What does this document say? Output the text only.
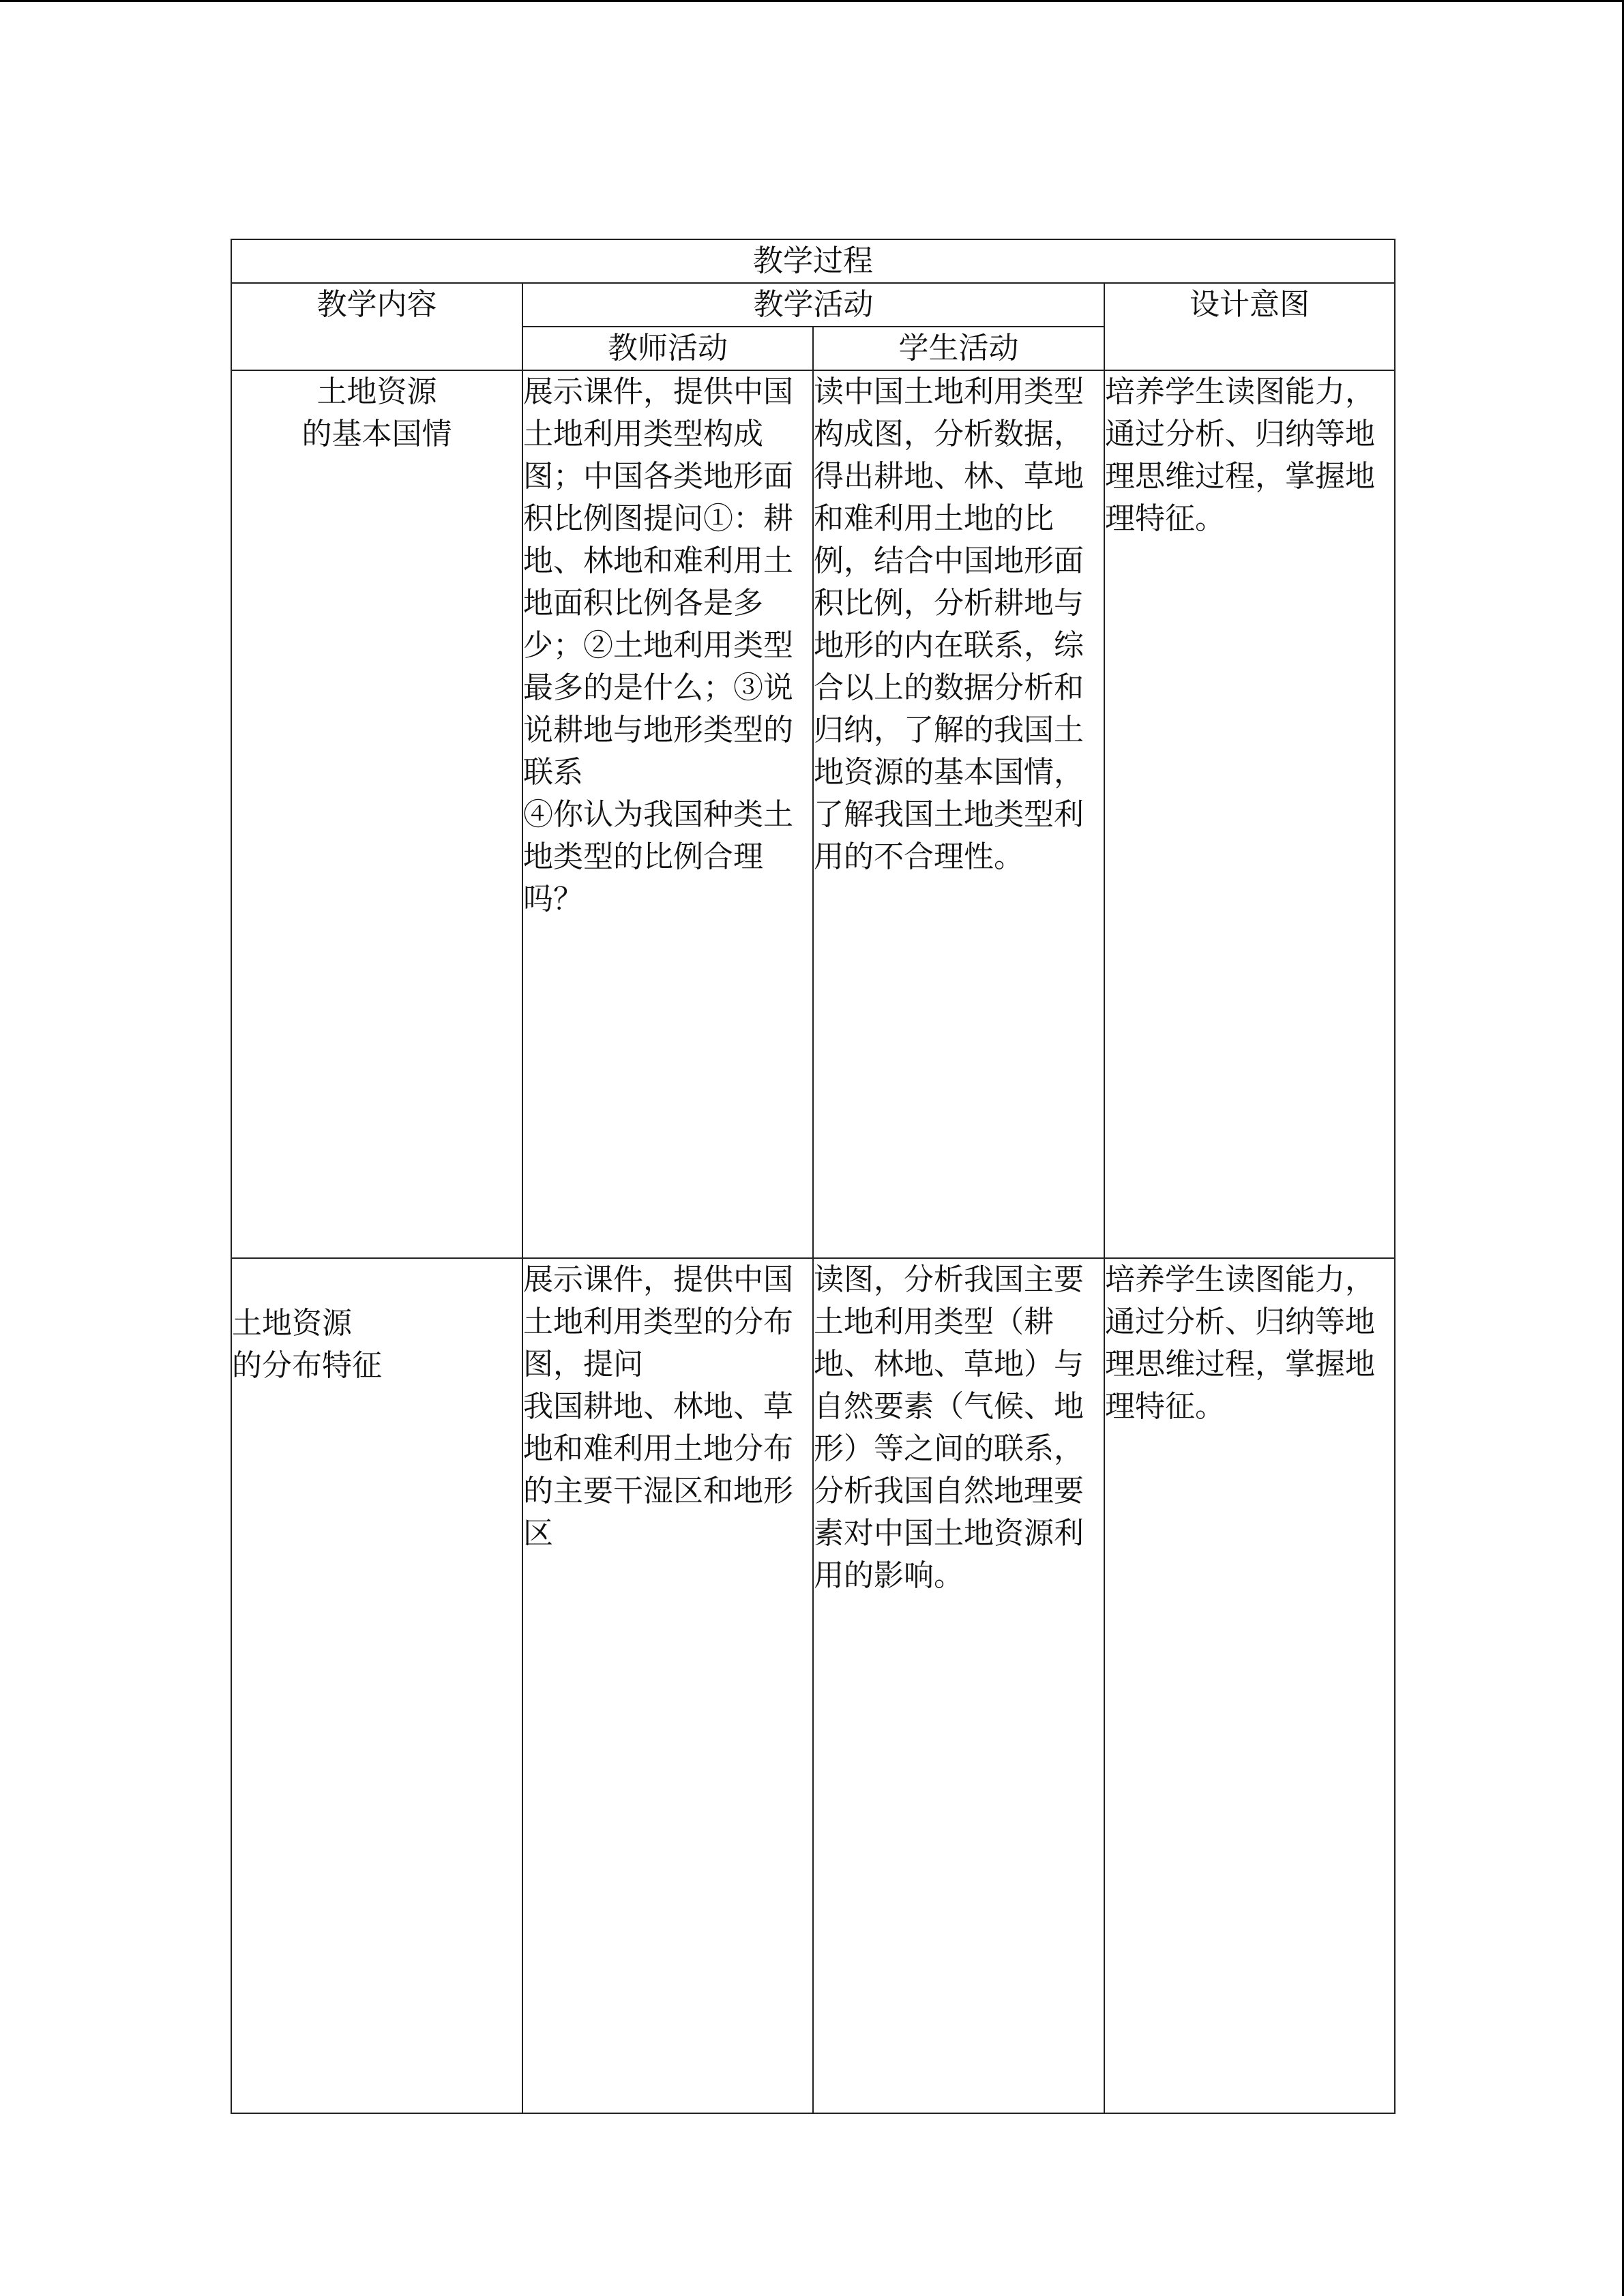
教学过程			
教学内容	教学活动		设计意图
	教师活动	学生活动	

土地资源
的基本国情	展示课件，提供中国土地利用类型构成图；中国各类地形面积比例图提问①：耕地、林地和难利用土地面积比例各是多少；②土地利用类型最多的是什么；③说说耕地与地形类型的联系
④你认为我国种类土地类型的比例合理吗？	读中国土地利用类型构成图，分析数据，得出耕地、林、草地和难利用土地的比例，结合中国地形面积比例，分析耕地与地形的内在联系，综合以上的数据分析和归纳，了解的我国土地资源的基本国情，了解我国土地类型利用的不合理性。	培养学生读图能力，通过分析、归纳等地理思维过程，掌握地理特征。

土地资源
的分布特征	展示课件，提供中国土地利用类型的分布图，提问
我国耕地、林地、草地和难利用土地分布的主要干湿区和地形区	读图，分析我国主要土地利用类型（耕地、林地、草地）与自然要素（气候、地形）等之间的联系，分析我国自然地理要素对中国土地资源利用的影响。	培养学生读图能力，通过分析、归纳等地理思维过程，掌握地理特征。
